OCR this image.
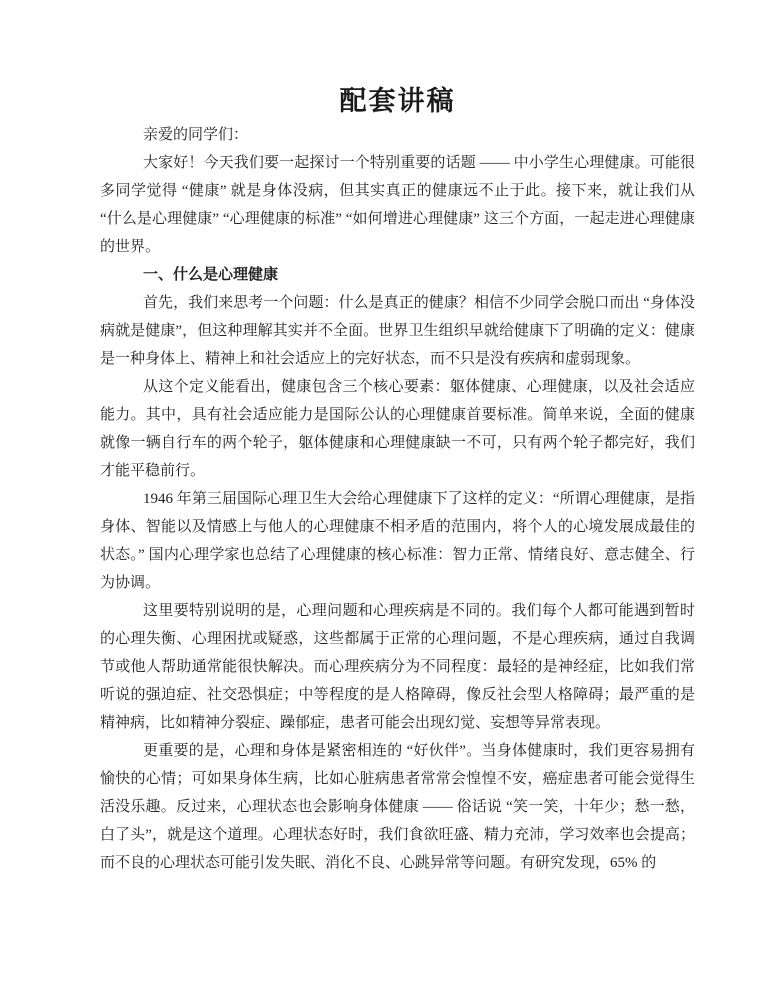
配套讲稿

亲爱的同学们：

大家好！今天我们要一起探讨一个特别重要的话题 —— 中小学生心理健康。可能很多同学觉得 “健康” 就是身体没病，但其实真正的健康远不止于此。接下来，就让我们从 “什么是心理健康” “心理健康的标准” “如何增进心理健康” 这三个方面，一起走进心理健康的世界。

一、什么是心理健康

首先，我们来思考一个问题：什么是真正的健康？相信不少同学会脱口而出 “身体没病就是健康”，但这种理解其实并不全面。世界卫生组织早就给健康下了明确的定义：健康是一种身体上、精神上和社会适应上的完好状态，而不只是没有疾病和虚弱现象。

从这个定义能看出，健康包含三个核心要素：躯体健康、心理健康，以及社会适应能力。其中，具有社会适应能力是国际公认的心理健康首要标准。简单来说，全面的健康就像一辆自行车的两个轮子，躯体健康和心理健康缺一不可，只有两个轮子都完好，我们才能平稳前行。

1946 年第三届国际心理卫生大会给心理健康下了这样的定义：“所谓心理健康，是指身体、智能以及情感上与他人的心理健康不相矛盾的范围内，将个人的心境发展成最佳的状态。” 国内心理学家也总结了心理健康的核心标准：智力正常、情绪良好、意志健全、行为协调。

这里要特别说明的是，心理问题和心理疾病是不同的。我们每个人都可能遇到暂时的心理失衡、心理困扰或疑惑，这些都属于正常的心理问题，不是心理疾病，通过自我调节或他人帮助通常能很快解决。而心理疾病分为不同程度：最轻的是神经症，比如我们常听说的强迫症、社交恐惧症；中等程度的是人格障碍，像反社会型人格障碍；最严重的是精神病，比如精神分裂症、躁郁症，患者可能会出现幻觉、妄想等异常表现。

更重要的是，心理和身体是紧密相连的 “好伙伴”。当身体健康时，我们更容易拥有愉快的心情；可如果身体生病，比如心脏病患者常常会惶惶不安，癌症患者可能会觉得生活没乐趣。反过来，心理状态也会影响身体健康 —— 俗话说 “笑一笑，十年少；愁一愁，白了头”，就是这个道理。心理状态好时，我们食欲旺盛、精力充沛，学习效率也会提高；而不良的心理状态可能引发失眠、消化不良、心跳异常等问题。有研究发现，65% 的
